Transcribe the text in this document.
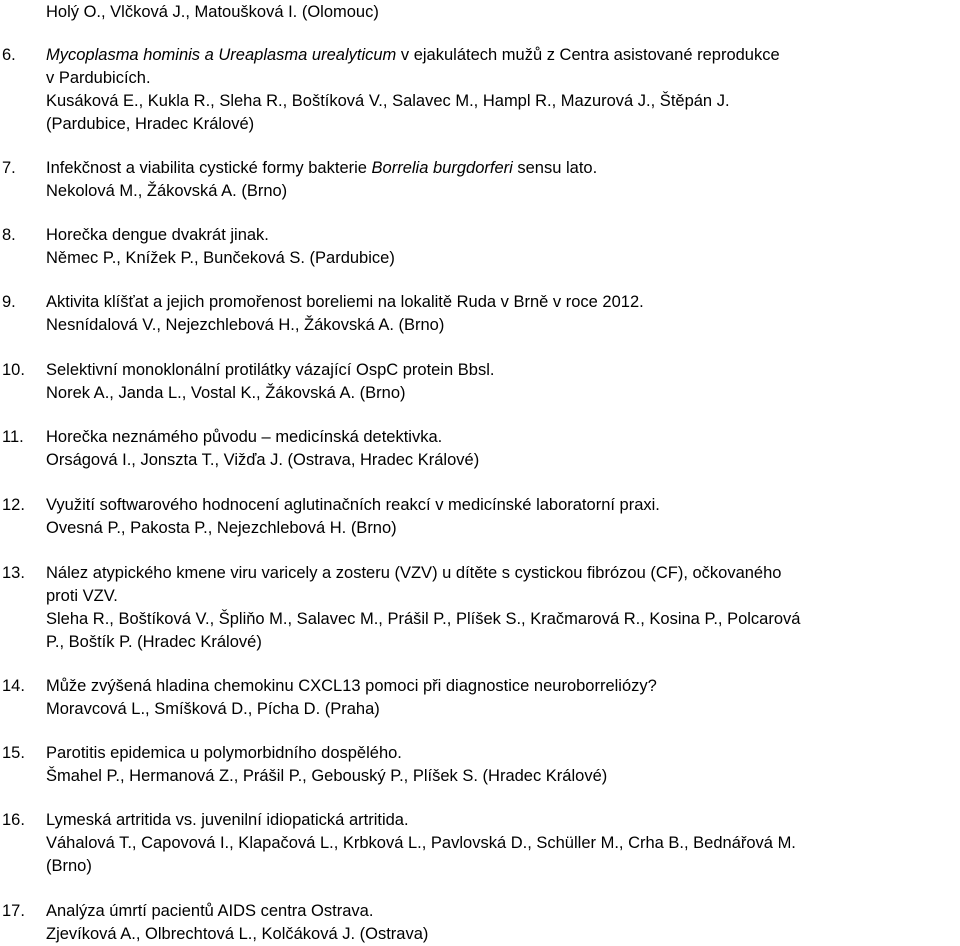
Holý O., Vlčková J., Matoušková I. (Olomouc)
6. Mycoplasma hominis a Ureaplasma urealyticum v ejakulátech mužů z Centra asistované reprodukce
v Pardubicích.
Kusáková E., Kukla R., Sleha R., Boštíková V., Salavec M., Hampl R., Mazurová J., Štěpán J.
(Pardubice, Hradec Králové)
7. Infekčnost a viabilita cystické formy bakterie Borrelia burgdorferi sensu lato.
Nekolová M., Žákovská A. (Brno)
8. Horečka dengue dvakrát jinak.
Němec P., Knížek P., Bunčeková S. (Pardubice)
9. Aktivita klíšťat a jejich promořenost boreliemi na lokalitě Ruda v Brně v roce 2012.
Nesnídalová V., Nejezchlebová H., Žákovská A. (Brno)
10. Selektivní monoklonální protilátky vázající OspC protein Bbsl.
Norek A., Janda L., Vostal K., Žákovská A. (Brno)
11. Horečka neznámého původu – medicínská detektivka.
Orságová I., Jonszta T., Vižďa J. (Ostrava, Hradec Králové)
12. Využití softwarového hodnocení aglutinačních reakcí v medicínské laboratorní praxi.
Ovesná P., Pakosta P., Nejezchlebová H. (Brno)
13. Nález atypického kmene viru varicely a zosteru (VZV) u dítěte s cystickou fibrózou (CF), očkovaného
proti VZV.
Sleha R., Boštíková V., Špliňo M., Salavec M., Prášil P., Plíšek S., Kračmarová R., Kosina P., Polcarová
P., Boštík P. (Hradec Králové)
14. Může zvýšená hladina chemokinu CXCL13 pomoci při diagnostice neuroborreliózy?
Moravcová L., Smíšková D., Pícha D. (Praha)
15. Parotitis epidemica u polymorbidního dospělého.
Šmahel P., Hermanová Z., Prášil P., Gebouský P., Plíšek S. (Hradec Králové)
16. Lymeská artritida vs. juvenilní idiopatická artritida.
Váhalová T., Capovová I., Klapačová L., Krbková L., Pavlovská D., Schüller M., Crha B., Bednářová M.
(Brno)
17. Analýza úmrtí pacientů AIDS centra Ostrava.
Zjevíková A., Olbrechtová L., Kolčáková J. (Ostrava)
